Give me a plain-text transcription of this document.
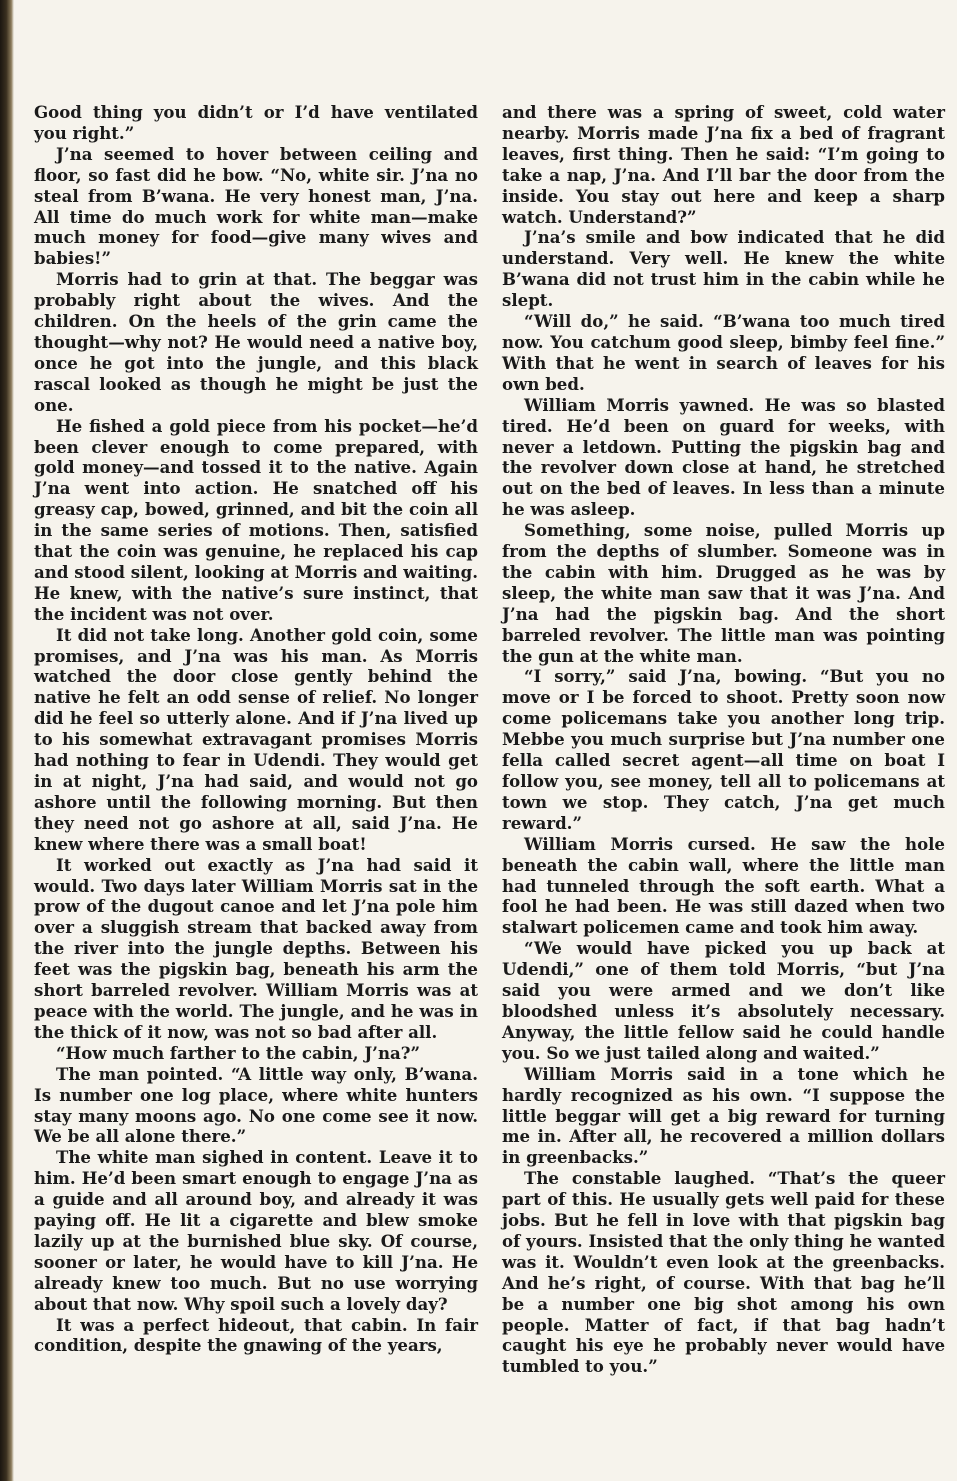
Good thing you didn’t or I’d have ventilated you right.”

J’na seemed to hover between ceiling and floor, so fast did he bow. “No, white sir. J’na no steal from B’wana. He very honest man, J’na. All time do much work for white man—make much money for food—give many wives and babies!”

Morris had to grin at that. The beggar was probably right about the wives. And the children. On the heels of the grin came the thought—why not? He would need a native boy, once he got into the jungle, and this black rascal looked as though he might be just the one.

He fished a gold piece from his pocket—he’d been clever enough to come prepared, with gold money—and tossed it to the native. Again J’na went into action. He snatched off his greasy cap, bowed, grinned, and bit the coin all in the same series of motions. Then, satisfied that the coin was genuine, he replaced his cap and stood silent, looking at Morris and waiting. He knew, with the native’s sure instinct, that the incident was not over.

It did not take long. Another gold coin, some promises, and J’na was his man. As Morris watched the door close gently behind the native he felt an odd sense of relief. No longer did he feel so utterly alone. And if J’na lived up to his somewhat extravagant promises Morris had nothing to fear in Udendi. They would get in at night, J’na had said, and would not go ashore until the following morning. But then they need not go ashore at all, said J’na. He knew where there was a small boat!

It worked out exactly as J’na had said it would. Two days later William Morris sat in the prow of the dugout canoe and let J’na pole him over a sluggish stream that backed away from the river into the jungle depths. Between his feet was the pigskin bag, beneath his arm the short barreled revolver. William Morris was at peace with the world. The jungle, and he was in the thick of it now, was not so bad after all.

“How much farther to the cabin, J’na?”

The man pointed. “A little way only, B’wana. Is number one log place, where white hunters stay many moons ago. No one come see it now. We be all alone there.”

The white man sighed in content. Leave it to him. He’d been smart enough to engage J’na as a guide and all around boy, and already it was paying off. He lit a cigarette and blew smoke lazily up at the burnished blue sky. Of course, sooner or later, he would have to kill J’na. He already knew too much. But no use worrying about that now. Why spoil such a lovely day?

It was a perfect hideout, that cabin. In fair condition, despite the gnawing of the years,

and there was a spring of sweet, cold water nearby. Morris made J’na fix a bed of fragrant leaves, first thing. Then he said: “I’m going to take a nap, J’na. And I’ll bar the door from the inside. You stay out here and keep a sharp watch. Understand?”

J’na’s smile and bow indicated that he did understand. Very well. He knew the white B’wana did not trust him in the cabin while he slept.

“Will do,” he said. “B’wana too much tired now. You catchum good sleep, bimby feel fine.” With that he went in search of leaves for his own bed.

William Morris yawned. He was so blasted tired. He’d been on guard for weeks, with never a letdown. Putting the pigskin bag and the revolver down close at hand, he stretched out on the bed of leaves. In less than a minute he was asleep.

Something, some noise, pulled Morris up from the depths of slumber. Someone was in the cabin with him. Drugged as he was by sleep, the white man saw that it was J’na. And J’na had the pigskin bag. And the short barreled revolver. The little man was pointing the gun at the white man.

“I sorry,” said J’na, bowing. “But you no move or I be forced to shoot. Pretty soon now come policemans take you another long trip. Mebbe you much surprise but J’na number one fella called secret agent—all time on boat I follow you, see money, tell all to policemans at town we stop. They catch, J’na get much reward.”

William Morris cursed. He saw the hole beneath the cabin wall, where the little man had tunneled through the soft earth. What a fool he had been. He was still dazed when two stalwart policemen came and took him away.

“We would have picked you up back at Udendi,” one of them told Morris, “but J’na said you were armed and we don’t like bloodshed unless it’s absolutely necessary. Anyway, the little fellow said he could handle you. So we just tailed along and waited.”

William Morris said in a tone which he hardly recognized as his own. “I suppose the little beggar will get a big reward for turning me in. After all, he recovered a million dollars in greenbacks.”

The constable laughed. “That’s the queer part of this. He usually gets well paid for these jobs. But he fell in love with that pigskin bag of yours. Insisted that the only thing he wanted was it. Wouldn’t even look at the greenbacks. And he’s right, of course. With that bag he’ll be a number one big shot among his own people. Matter of fact, if that bag hadn’t caught his eye he probably never would have tumbled to you.”
